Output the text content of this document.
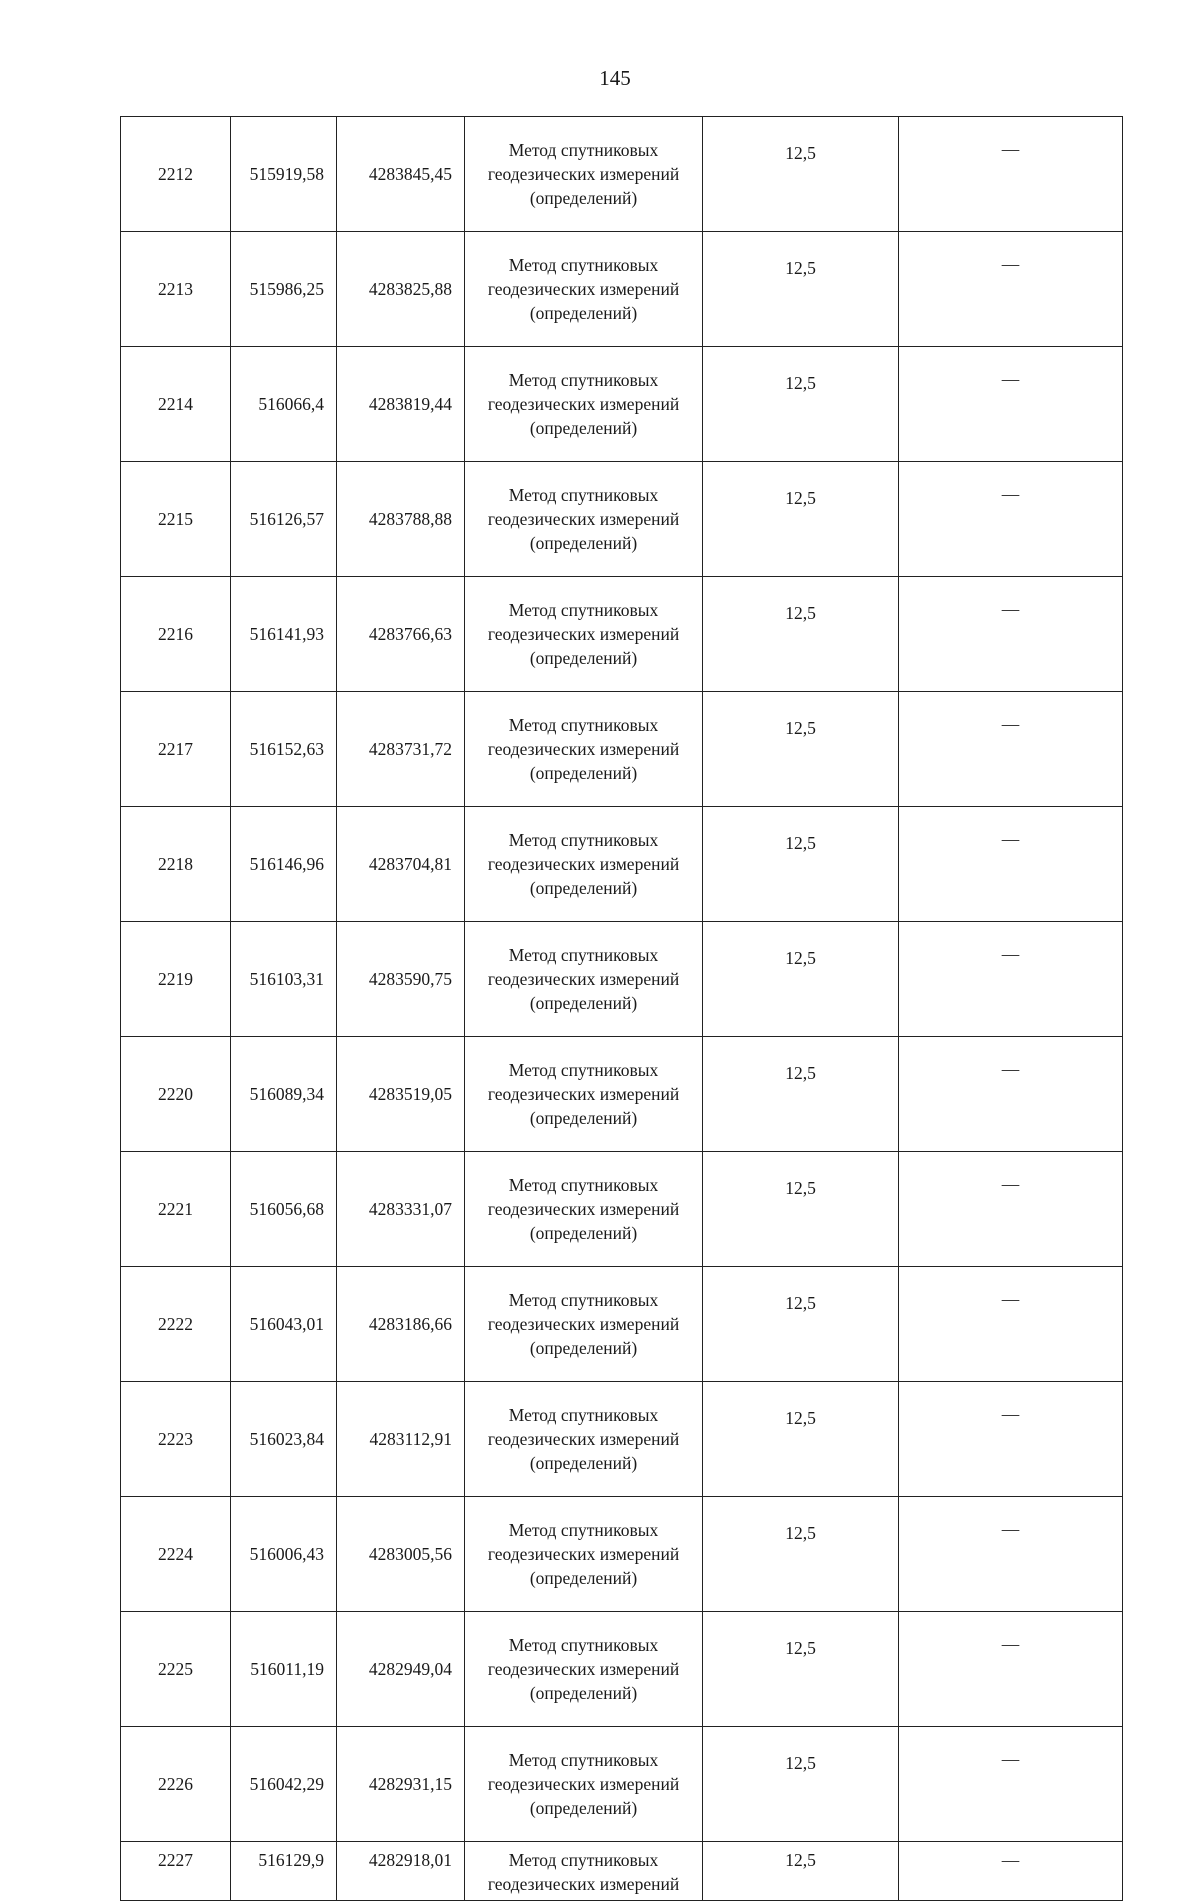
145
2212	515919,58	4283845,45	Метод спутниковых
геодезических измерений
(определений)	12,5	—
2213	515986,25	4283825,88	Метод спутниковых
геодезических измерений
(определений)	12,5	—
2214	516066,4	4283819,44	Метод спутниковых
геодезических измерений
(определений)	12,5	—
2215	516126,57	4283788,88	Метод спутниковых
геодезических измерений
(определений)	12,5	—
2216	516141,93	4283766,63	Метод спутниковых
геодезических измерений
(определений)	12,5	—
2217	516152,63	4283731,72	Метод спутниковых
геодезических измерений
(определений)	12,5	—
2218	516146,96	4283704,81	Метод спутниковых
геодезических измерений
(определений)	12,5	—
2219	516103,31	4283590,75	Метод спутниковых
геодезических измерений
(определений)	12,5	—
2220	516089,34	4283519,05	Метод спутниковых
геодезических измерений
(определений)	12,5	—
2221	516056,68	4283331,07	Метод спутниковых
геодезических измерений
(определений)	12,5	—
2222	516043,01	4283186,66	Метод спутниковых
геодезических измерений
(определений)	12,5	—
2223	516023,84	4283112,91	Метод спутниковых
геодезических измерений
(определений)	12,5	—
2224	516006,43	4283005,56	Метод спутниковых
геодезических измерений
(определений)	12,5	—
2225	516011,19	4282949,04	Метод спутниковых
геодезических измерений
(определений)	12,5	—
2226	516042,29	4282931,15	Метод спутниковых
геодезических измерений
(определений)	12,5	—
2227	516129,9	4282918,01	Метод спутниковых
геодезических измерений	12,5	—
